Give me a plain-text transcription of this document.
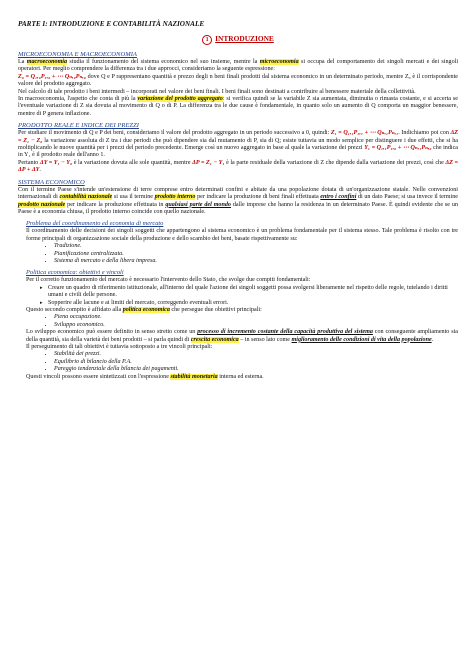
PARTE I: INTRODUZIONE E CONTABILITÀ NAZIONALE
1 INTRODUZIONE
MICROECONOMIA E MACROECONOMIA

La macroeconomia studia il funzionamento del sistema economico nel suo insieme, mentre la microeconomia si occupa del comportamento dei singoli mercati e dei singoli operatori. Per meglio comprendere la differenza tra i due approcci, consideriamo la seguente espressione:

Z₀ = Q₁,₀P₁,₀ + ⋯ Qₙ,₀Pₙ,₀ dove Q e P rappresentano quantità e prezzo degli n beni finali prodotti dal sistema economico in un determinato periodo, mentre Z₀ è il corrispondente valore del prodotto aggregato.

Nel calcolo di tale prodotto i beni intermedi – incorporati nel valore dei beni finali. I beni finali sono destinati a contribuire al benessere materiale della collettività.

In macroeconomia, l'aspetto che conta di più la variazione del prodotto aggregato: si verifica quindi se la variabile Z sia aumentata, diminuita o rimasta costante, e si accerta se l'eventuale variazione di Z sia dovuta al movimento di Q o di P. La differenza tra le due cause è fondamentale, in quanto solo un aumento di Q comporta un maggior benessere, mentre di P genera inflazione.

PRODOTTO REALE E INDICE DEI PREZZI

Per studiare il movimento di Q e P dei beni, consideriamo il valore del prodotto aggregato in un periodo successivo a 0, quindi: Z₁ = Q₁,₁P₁,₁ + ⋯ Qₙ,₁Pₙ,₁. Indichiamo poi con ΔZ = Z₁ − Z₀ la variazione assoluta di Z tra i due periodi che può dipendere sia dal mutamento di P, sia di Q; esiste tuttavia un modo semplice per distinguere i due effetti, che si ha moltiplicando le nuove quantità per i prezzi del periodo precedente. Emerge così un nuovo aggregato in base al quale la variazione dei prezzi Y₁ = Q₁,₁P₁,₀ + ⋯ Qₙ,₁Pₙ,₀ che indica in Y₁ è il prodotto reale dell'anno 1.

Pertanto ΔY = Y₁ − Y₀ è la variazione dovuta alle sole quantità, mentre ΔP = Z₁ − Y₁ è la parte residuale della variazione di Z che dipende dalla variazione dei prezzi, così che ΔZ = ΔP + ΔY.

SISTEMA ECONOMICO

Con il termine Paese s'intende un'estensione di terre comprese entro determinati confini e abitate da una popolazione dotata di un'organizzazione statale. Nelle convenzioni internazionali di contabilità nazionale si usa il termine prodotto interno per indicare la produzione di beni finali effettuata entro i confini di un dato Paese; si usa invece il termine prodotto nazionale per indicare la produzione effettuata in qualsiasi parte del mondo dalle imprese che hanno la residenza in un determinato Paese. È quindi evidente che se un Paese è a economia chiusa, il prodotto interno coincide con quello nazionale.

Problema del coordinamento ed economia di mercato

Il coordinamento delle decisioni dei singoli soggetti che appartengono al sistema economico è un problema fondamentale per il sistema stesso. Tale problema è risolto con tre forme principali di organizzazione sociale della produzione e dello scambio dei beni, basate rispettivamente su:

• Tradizione.
• Pianificazione centralizzata.
• Sistema di mercato e della libera impresa.
Politica economica: obiettivi e vincoli

Per il corretto funzionamento del mercato è necessario l'intervento dello Stato, che svolge due compiti fondamentali:

▸ Creare un quadro di riferimento istituzionale, all'interno del quale l'azione dei singoli soggetti possa svolgersi liberamente nel rispetto delle regole, tutelando i diritti umani e civili delle persone.
▸ Sopperire alle lacune e ai limiti del mercato, correggendo eventuali errori.

Questo secondo compito è affidato alla politica economica che persegue due obiettivi principali:

• Piena occupazione.
• Sviluppo economico.

Lo sviluppo economico può essere definito in senso stretto come un processo di incremento costante della capacità produttiva del sistema con conseguente ampliamento sia della quantità, sia della varietà dei beni prodotti – si parla quindi di crescita economica – in senso lato come miglioramento delle condizioni di vita della popolazione.

Il perseguimento di tali obiettivi è tuttavia sottoposto a tre vincoli principali:

• Stabilità dei prezzi.
• Equilibrio di bilancio della P.A.
• Pareggio tendenziale della bilancia dei pagamenti.

Questi vincoli possono essere sintetizzati con l'espressione stabilità monetaria interna ed esterna.
